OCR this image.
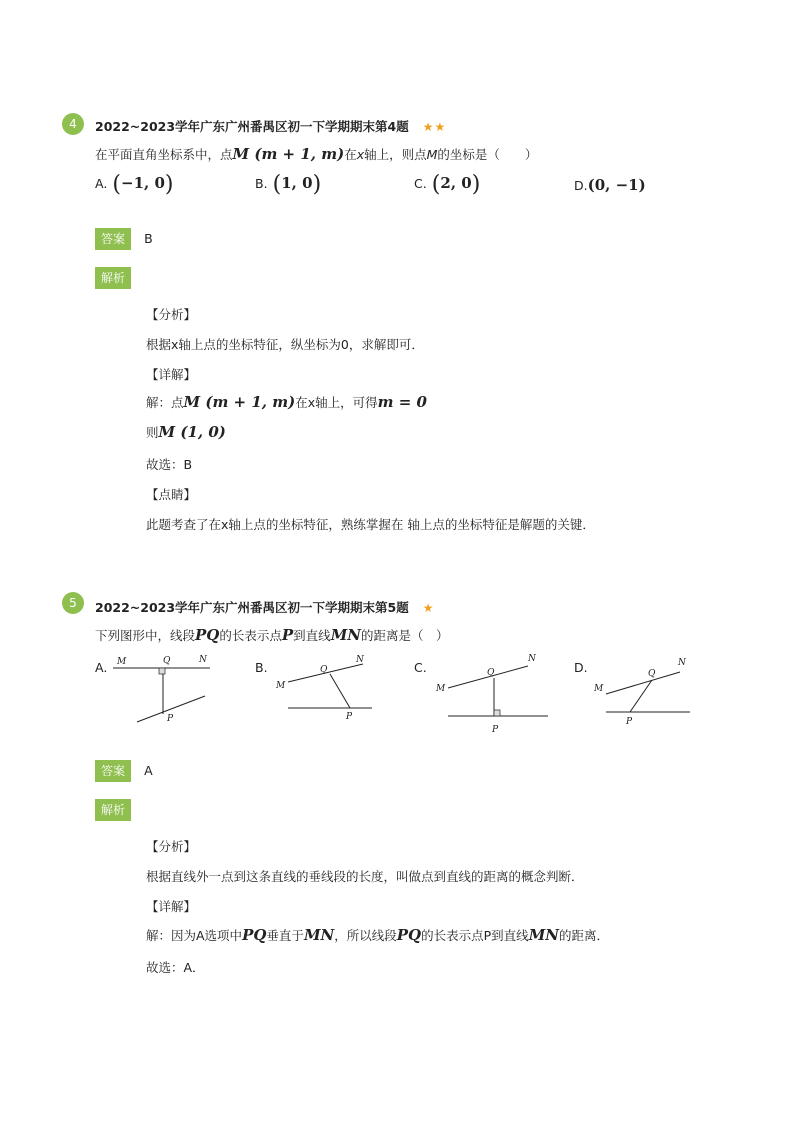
4	2022~2023学年广东广州番禺区初一下学期期末第4题 ★★
在平面直角坐标系中，点M (m + 1, m)在x轴上，则点M的坐标是（　　）
A. (−1, 0)	B. (1, 0)	C. (2, 0)	D.(0, −1)
答案 B
解析
【分析】
根据x轴上点的坐标特征，纵坐标为0，求解即可．
【详解】
解：点M (m + 1, m)在x轴上，可得m = 0
则M (1, 0)
故选：B
【点睛】
此题考查了在x轴上点的坐标特征，熟练掌握在 轴上点的坐标特征是解题的关键．
5	2022~2023学年广东广州番禺区初一下学期期末第5题 ★
下列图形中，线段PQ的长表示点P到直线MN的距离是（　）
A.	B.	C.	D.
M	Q	N
P
M
Q
N
P
M
Q
N
P
M
Q
N
P
答案 A
解析
【分析】
根据直线外一点到这条直线的垂线段的长度，叫做点到直线的距离的概念判断．
【详解】
解：因为A选项中PQ垂直于MN，所以线段PQ的长表示点P到直线MN的距离．
故选：A．
